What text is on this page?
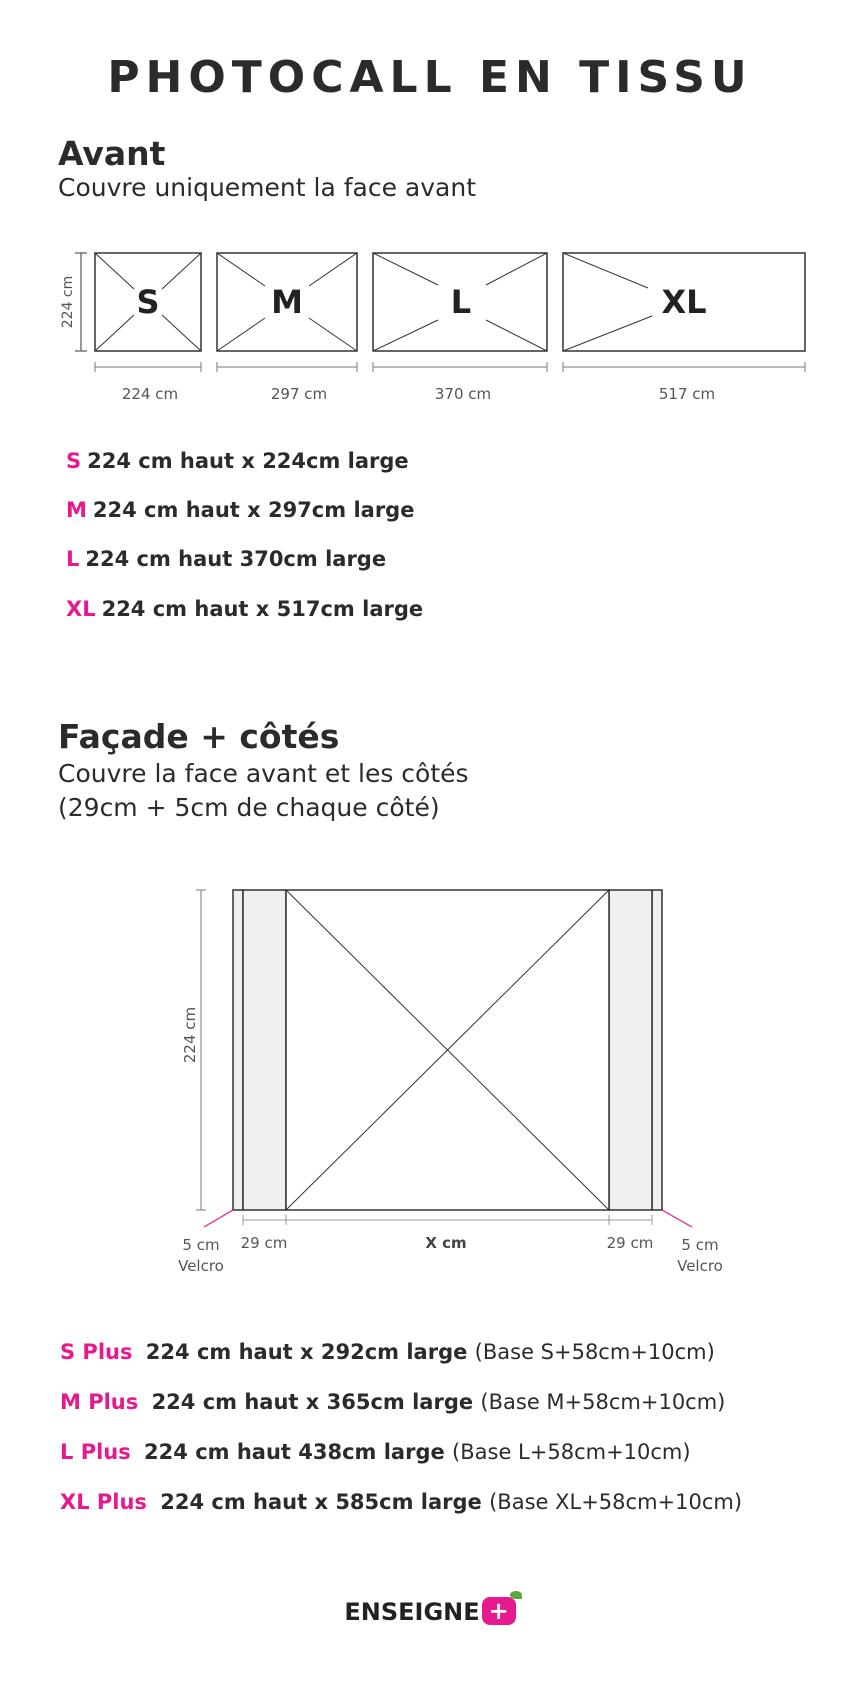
PHOTOCALL EN TISSU
Avant
Couvre uniquement la face avant
224 cm S
224 cm
M
297 cm
L
370 cm
XL
517 cm
S 224 cm haut x 224cm large
M 224 cm haut x 297cm large
L 224 cm haut 370cm large
XL 224 cm haut x 517cm large
Façade + côtés
Couvre la face avant et les côtés
(29cm + 5cm de chaque côté)
224 cm
5 cm
Velcro
29 cm	X cm	29 cm 5 cm
Velcro
S Plus 224 cm haut x 292cm large (Base S+58cm+10cm)
M Plus 224 cm haut x 365cm large (Base M+58cm+10cm)
L Plus 224 cm haut 438cm large (Base L+58cm+10cm)
XL Plus 224 cm haut x 585cm large (Base XL+58cm+10cm)
ENSEIGNE +
